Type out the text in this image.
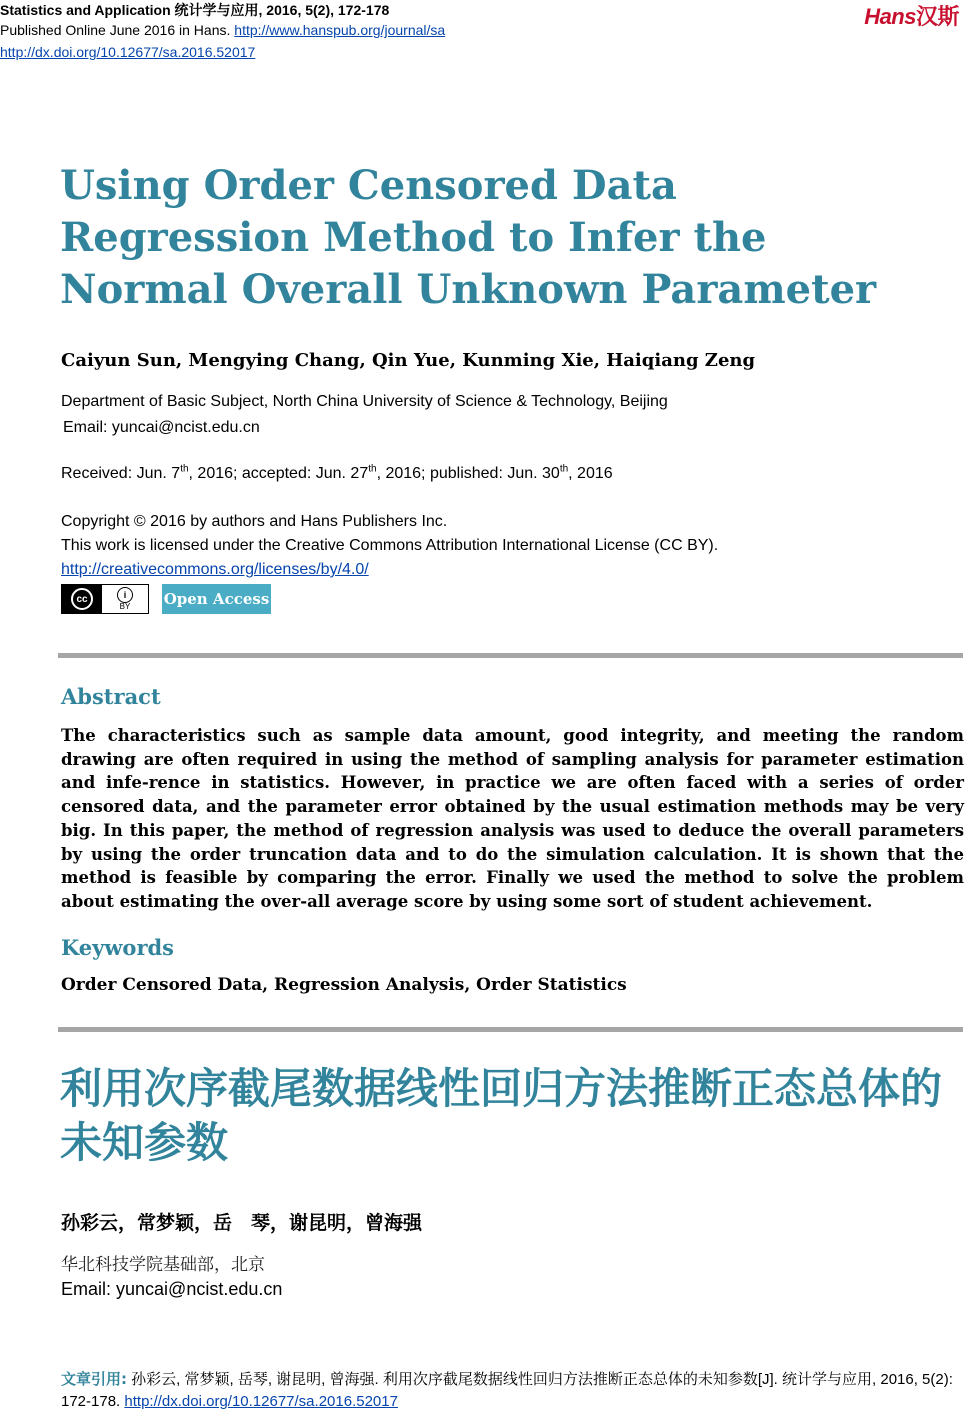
Statistics and Application 统计学与应用, 2016, 5(2), 172-178
Published Online June 2016 in Hans. http://www.hanspub.org/journal/sa
http://dx.doi.org/10.12677/sa.2016.52017
Hans汉斯
Using Order Censored Data Regression Method to Infer the Normal Overall Unknown Parameter
Caiyun Sun, Mengying Chang, Qin Yue, Kunming Xie, Haiqiang Zeng
Department of Basic Subject, North China University of Science & Technology, Beijing
Email: yuncai@ncist.edu.cn
Received: Jun. 7th, 2016; accepted: Jun. 27th, 2016; published: Jun. 30th, 2016
Copyright © 2016 by authors and Hans Publishers Inc.
This work is licensed under the Creative Commons Attribution International License (CC BY).
http://creativecommons.org/licenses/by/4.0/
cc	i
BY Open Access
Abstract
The characteristics such as sample data amount, good integrity, and meeting the random drawing are often required in using the method of sampling analysis for parameter estimation and infe-rence in statistics. However, in practice we are often faced with a series of order censored data, and the parameter error obtained by the usual estimation methods may be very big. In this paper, the method of regression analysis was used to deduce the overall parameters by using the order truncation data and to do the simulation calculation. It is shown that the method is feasible by comparing the error. Finally we used the method to solve the problem about estimating the over-all average score by using some sort of student achievement.
Keywords
Order Censored Data, Regression Analysis, Order Statistics
利用次序截尾数据线性回归方法推断正态总体的未知参数
孙彩云，常梦颖，岳　琴，谢昆明，曾海强
华北科技学院基础部，北京
Email: yuncai@ncist.edu.cn
文章引用: 孙彩云, 常梦颖, 岳琴, 谢昆明, 曾海强. 利用次序截尾数据线性回归方法推断正态总体的未知参数[J]. 统计学与应用, 2016, 5(2): 172-178. http://dx.doi.org/10.12677/sa.2016.52017
